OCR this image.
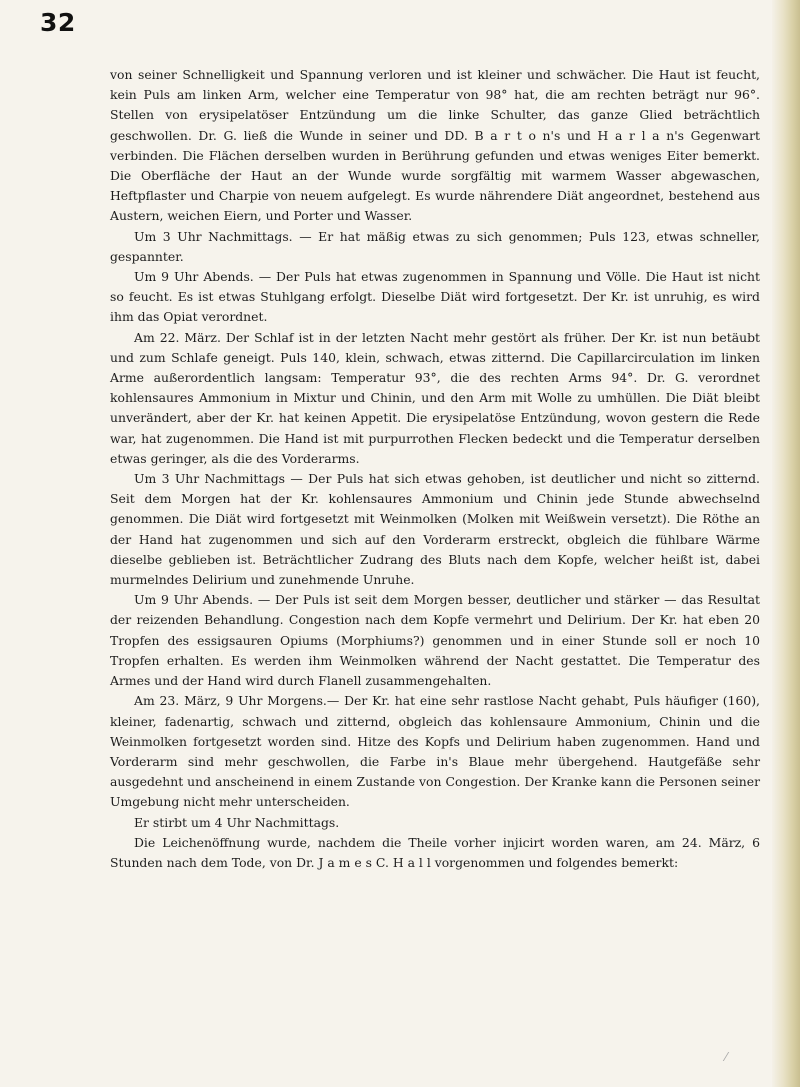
32

von seiner Schnelligkeit und Spannung verloren und ist kleiner und schwächer. Die Haut ist feucht, kein Puls am linken Arm, welcher eine Temperatur von 98° hat, die am rechten beträgt nur 96°. Stellen von erysipelatöser Entzündung um die linke Schulter, das ganze Glied beträchtlich geschwollen. Dr. G. ließ die Wunde in seiner und DD. B a r t o n's und H a r l a n's Gegenwart verbinden. Die Flächen derselben wurden in Berührung gefunden und etwas weniges Eiter bemerkt. Die Oberfläche der Haut an der Wunde wurde sorgfältig mit warmem Wasser abgewaschen, Heftpflaster und Charpie von neuem aufgelegt. Es wurde nährendere Diät angeordnet, bestehend aus Austern, weichen Eiern, und Porter und Wasser.

Um 3 Uhr Nachmittags. — Er hat mäßig etwas zu sich genommen; Puls 123, etwas schneller, gespannter.

Um 9 Uhr Abends. — Der Puls hat etwas zugenommen in Spannung und Völle. Die Haut ist nicht so feucht. Es ist etwas Stuhlgang erfolgt. Dieselbe Diät wird fortgesetzt. Der Kr. ist unruhig, es wird ihm das Opiat verordnet.

Am 22. März. Der Schlaf ist in der letzten Nacht mehr gestört als früher. Der Kr. ist nun betäubt und zum Schlafe geneigt. Puls 140, klein, schwach, etwas zitternd. Die Capillarcirculation im linken Arme außerordentlich langsam: Temperatur 93°, die des rechten Arms 94°. Dr. G. verordnet kohlensaures Ammonium in Mixtur und Chinin, und den Arm mit Wolle zu umhüllen. Die Diät bleibt unverändert, aber der Kr. hat keinen Appetit. Die erysipelatöse Entzündung, wovon gestern die Rede war, hat zugenommen. Die Hand ist mit purpurrothen Flecken bedeckt und die Temperatur derselben etwas geringer, als die des Vorderarms.

Um 3 Uhr Nachmittags — Der Puls hat sich etwas gehoben, ist deutlicher und nicht so zitternd. Seit dem Morgen hat der Kr. kohlensaures Ammonium und Chinin jede Stunde abwechselnd genommen. Die Diät wird fortgesetzt mit Weinmolken (Molken mit Weißwein versetzt). Die Röthe an der Hand hat zugenommen und sich auf den Vorderarm erstreckt, obgleich die fühlbare Wärme dieselbe geblieben ist. Beträchtlicher Zudrang des Bluts nach dem Kopfe, welcher heißt ist, dabei murmelndes Delirium und zunehmende Unruhe.

Um 9 Uhr Abends. — Der Puls ist seit dem Morgen besser, deutlicher und stärker — das Resultat der reizenden Behandlung. Congestion nach dem Kopfe vermehrt und Delirium. Der Kr. hat eben 20 Tropfen des essigsauren Opiums (Morphiums?) genommen und in einer Stunde soll er noch 10 Tropfen erhalten. Es werden ihm Weinmolken während der Nacht gestattet. Die Temperatur des Armes und der Hand wird durch Flanell zusammengehalten.

Am 23. März, 9 Uhr Morgens.— Der Kr. hat eine sehr rastlose Nacht gehabt, Puls häufiger (160), kleiner, fadenartig, schwach und zitternd, obgleich das kohlensaure Ammonium, Chinin und die Weinmolken fortgesetzt worden sind. Hitze des Kopfs und Delirium haben zugenommen. Hand und Vorderarm sind mehr geschwollen, die Farbe in's Blaue mehr übergehend. Hautgefäße sehr ausgedehnt und anscheinend in einem Zustande von Congestion. Der Kranke kann die Personen seiner Umgebung nicht mehr unterscheiden.

Er stirbt um 4 Uhr Nachmittags.

Die Leichenöffnung wurde, nachdem die Theile vorher injicirt worden waren, am 24. März, 6 Stunden nach dem Tode, von Dr. J a m e s C. H a l l vorgenommen und folgendes bemerkt:

⁄
